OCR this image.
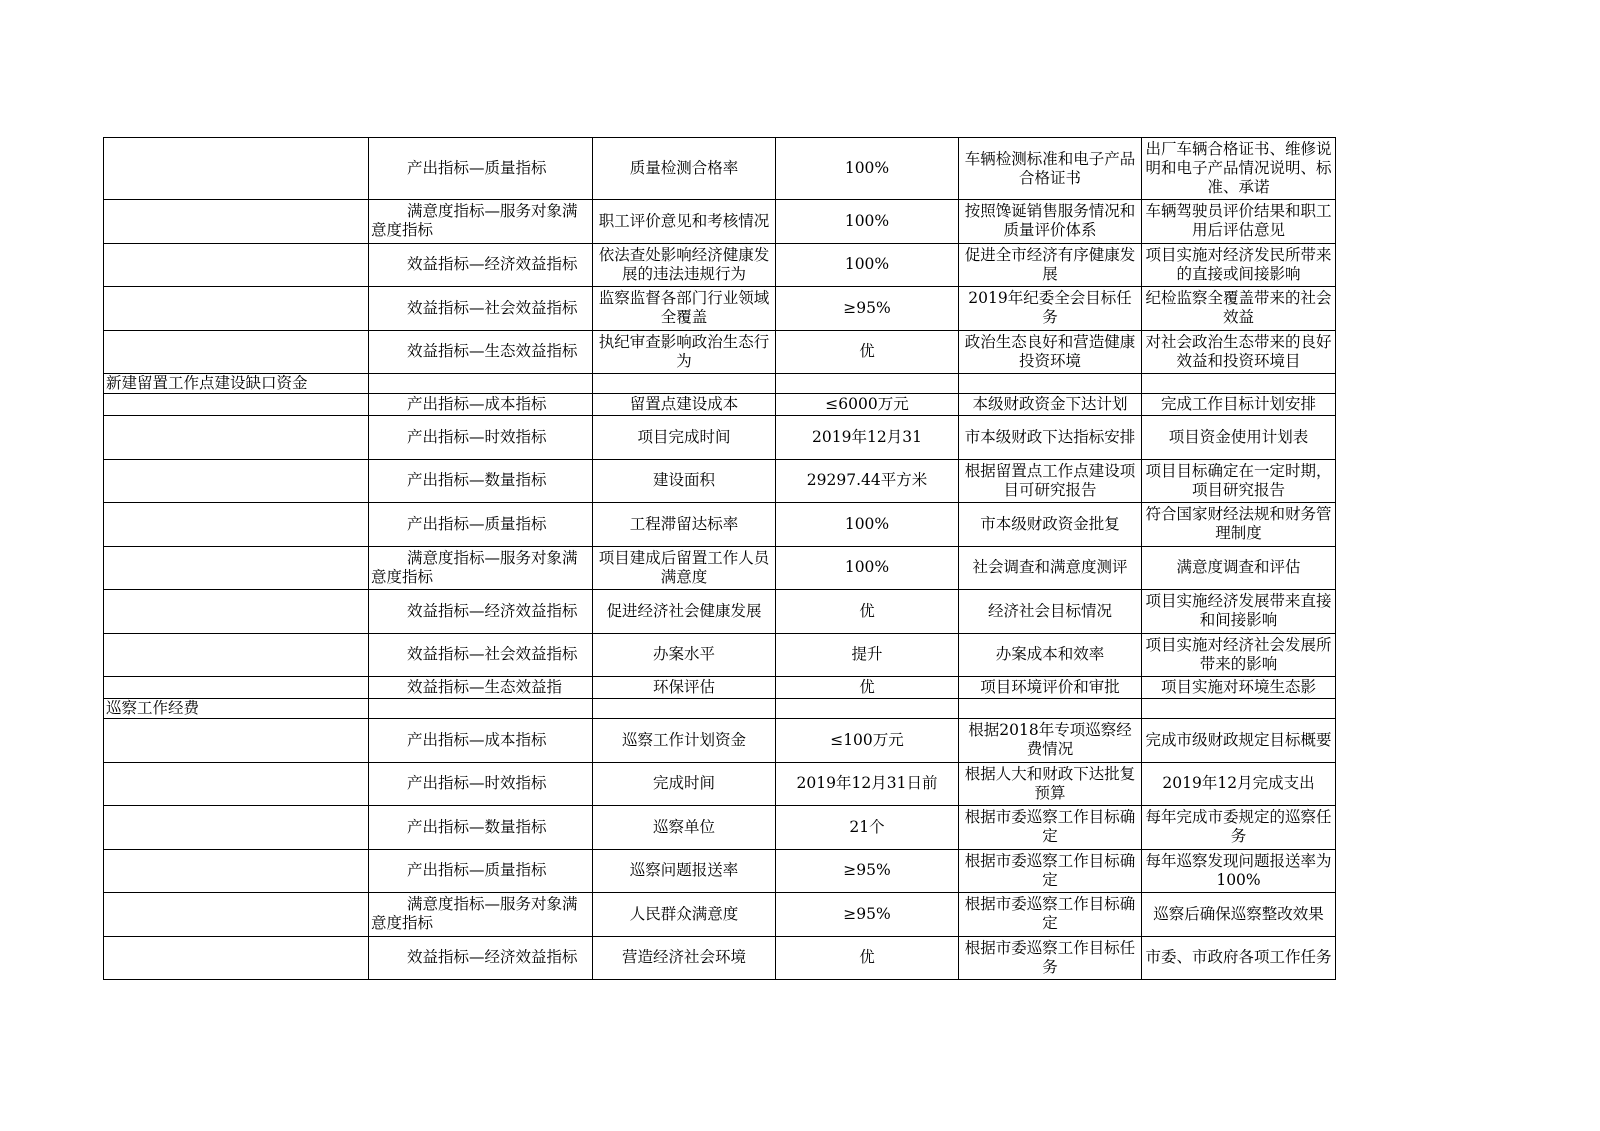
	产出指标—质量指标	质量检测合格率	100%	车辆检测标准和电子产品合格证书	出厂车辆合格证书、维修说明和电子产品情况说明、标准、承诺

	满意度指标—服务对象满意度指标	职工评价意见和考核情况	100%	按照馋诞销售服务情况和质量评价体系	车辆驾驶员评价结果和职工用后评估意见

	效益指标—经济效益指标	依法查处影响经济健康发展的违法违规行为	100%	促进全市经济有序健康发展	项目实施对经济发民所带来的直接或间接影响

	效益指标—社会效益指标	监察监督各部门行业领域全覆盖	≥95%	2019年纪委全会目标任务	纪检监察全覆盖带来的社会效益

	效益指标—生态效益指标	执纪审查影响政治生态行为	优	政治生态良好和营造健康投资环境	对社会政治生态带来的良好效益和投资环境目
新建留置工作点建设缺口资金					

	产出指标—成本指标	留置点建设成本	≤6000万元	本级财政资金下达计划	完成工作目标计划安排

	产出指标—时效指标	项目完成时间	2019年12月31	市本级财政下达指标安排	项目资金使用计划表

	产出指标—数量指标	建设面积	29297.44平方米	根据留置点工作点建设项目可研究报告	项目目标确定在一定时期，项目研究报告

	产出指标—质量指标	工程滞留达标率	100%	市本级财政资金批复	符合国家财经法规和财务管理制度

	满意度指标—服务对象满意度指标	项目建成后留置工作人员满意度	100%	社会调查和满意度测评	满意度调查和评估

	效益指标—经济效益指标	促进经济社会健康发展	优	经济社会目标情况	项目实施经济发展带来直接和间接影响

	效益指标—社会效益指标	办案水平	提升	办案成本和效率	项目实施对经济社会发展所带来的影响

	效益指标—生态效益指	环保评估	优	项目环境评价和审批	项目实施对环境生态影
巡察工作经费					

	产出指标—成本指标	巡察工作计划资金	≤100万元	根据2018年专项巡察经费情况	完成市级财政规定目标概要

	产出指标—时效指标	完成时间	2019年12月31日前	根据人大和财政下达批复预算	2019年12月完成支出

	产出指标—数量指标	巡察单位	21个	根据市委巡察工作目标确定	每年完成市委规定的巡察任务

	产出指标—质量指标	巡察问题报送率	≥95%	根据市委巡察工作目标确定	每年巡察发现问题报送率为100%

	满意度指标—服务对象满意度指标	人民群众满意度	≥95%	根据市委巡察工作目标确定	巡察后确保巡察整改效果

	效益指标—经济效益指标	营造经济社会环境	优	根据市委巡察工作目标任务	市委、市政府各项工作任务
